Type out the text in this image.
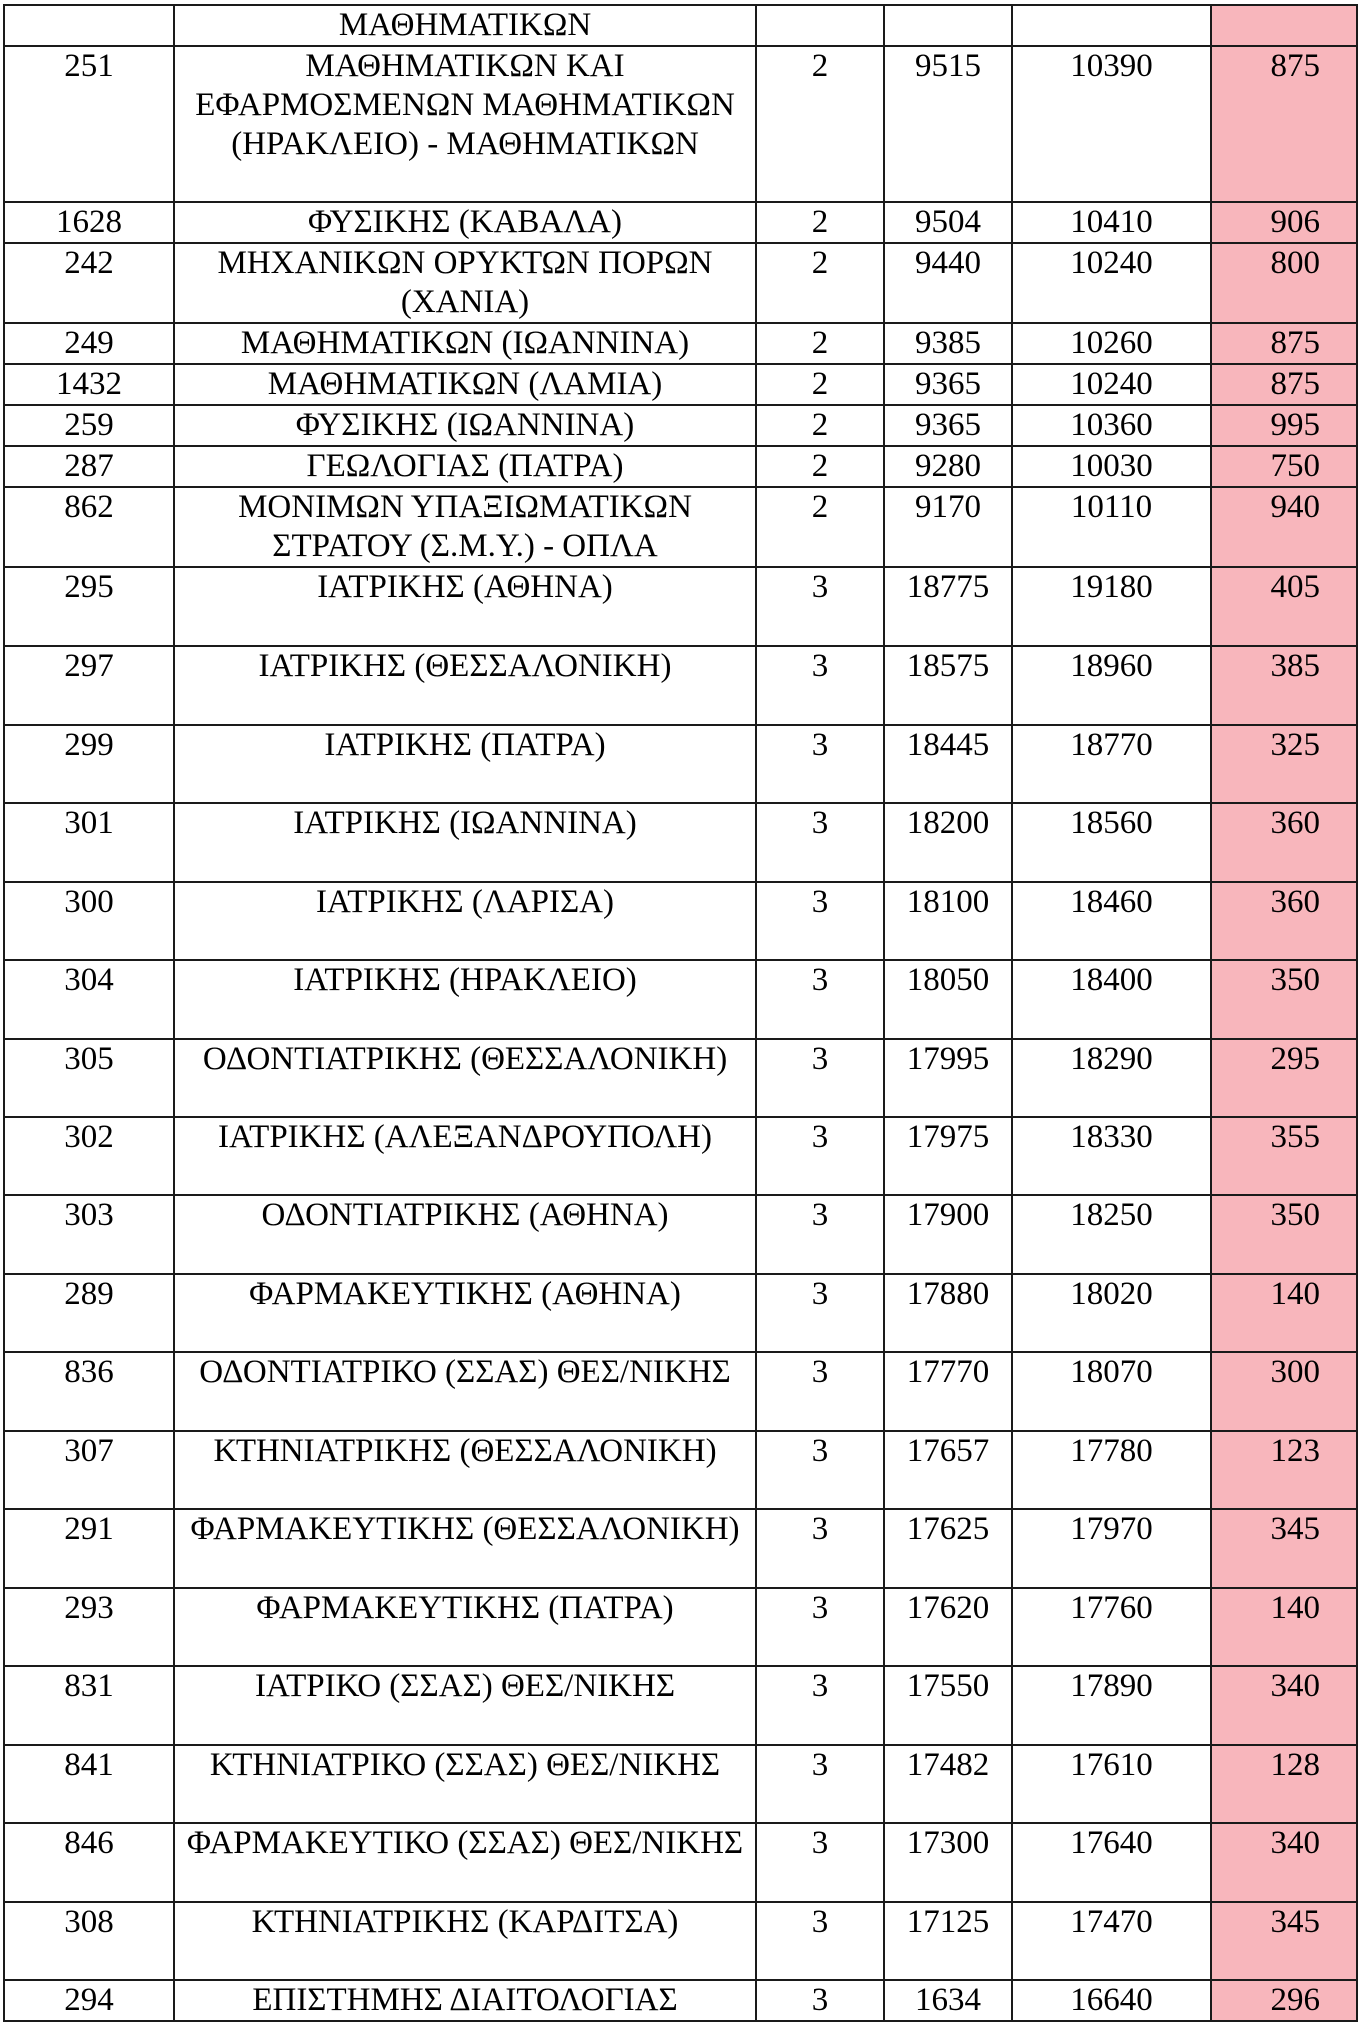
	ΜΑΘΗΜΑΤΙΚΩΝ				
251	ΜΑΘΗΜΑΤΙΚΩΝ ΚΑΙ ΕΦΑΡΜΟΣΜΕΝΩΝ ΜΑΘΗΜΑΤΙΚΩΝ (ΗΡΑΚΛΕΙΟ) - ΜΑΘΗΜΑΤΙΚΩΝ	2	9515	10390	875
1628	ΦΥΣΙΚΗΣ (ΚΑΒΑΛΑ)	2	9504	10410	906
242	ΜΗΧΑΝΙΚΩΝ ΟΡΥΚΤΩΝ ΠΟΡΩΝ (ΧΑΝΙΑ)	2	9440	10240	800
249	ΜΑΘΗΜΑΤΙΚΩΝ (ΙΩΑΝΝΙΝΑ)	2	9385	10260	875
1432	ΜΑΘΗΜΑΤΙΚΩΝ (ΛΑΜΙΑ)	2	9365	10240	875
259	ΦΥΣΙΚΗΣ (ΙΩΑΝΝΙΝΑ)	2	9365	10360	995
287	ΓΕΩΛΟΓΙΑΣ (ΠΑΤΡΑ)	2	9280	10030	750
862	ΜΟΝΙΜΩΝ ΥΠΑΞΙΩΜΑΤΙΚΩΝ ΣΤΡΑΤΟΥ (Σ.Μ.Υ.) - ΟΠΛΑ	2	9170	10110	940
295	ΙΑΤΡΙΚΗΣ (ΑΘΗΝΑ)	3	18775	19180	405
297	ΙΑΤΡΙΚΗΣ (ΘΕΣΣΑΛΟΝΙΚΗ)	3	18575	18960	385
299	ΙΑΤΡΙΚΗΣ (ΠΑΤΡΑ)	3	18445	18770	325
301	ΙΑΤΡΙΚΗΣ (ΙΩΑΝΝΙΝΑ)	3	18200	18560	360
300	ΙΑΤΡΙΚΗΣ (ΛΑΡΙΣΑ)	3	18100	18460	360
304	ΙΑΤΡΙΚΗΣ (ΗΡΑΚΛΕΙΟ)	3	18050	18400	350
305	ΟΔΟΝΤΙΑΤΡΙΚΗΣ (ΘΕΣΣΑΛΟΝΙΚΗ)	3	17995	18290	295
302	ΙΑΤΡΙΚΗΣ (ΑΛΕΞΑΝΔΡΟΥΠΟΛΗ)	3	17975	18330	355
303	ΟΔΟΝΤΙΑΤΡΙΚΗΣ (ΑΘΗΝΑ)	3	17900	18250	350
289	ΦΑΡΜΑΚΕΥΤΙΚΗΣ (ΑΘΗΝΑ)	3	17880	18020	140
836	ΟΔΟΝΤΙΑΤΡΙΚΟ (ΣΣΑΣ) ΘΕΣ/ΝΙΚΗΣ	3	17770	18070	300
307	ΚΤΗΝΙΑΤΡΙΚΗΣ (ΘΕΣΣΑΛΟΝΙΚΗ)	3	17657	17780	123
291	ΦΑΡΜΑΚΕΥΤΙΚΗΣ (ΘΕΣΣΑΛΟΝΙΚΗ)	3	17625	17970	345
293	ΦΑΡΜΑΚΕΥΤΙΚΗΣ (ΠΑΤΡΑ)	3	17620	17760	140
831	ΙΑΤΡΙΚΟ (ΣΣΑΣ) ΘΕΣ/ΝΙΚΗΣ	3	17550	17890	340
841	ΚΤΗΝΙΑΤΡΙΚΟ (ΣΣΑΣ) ΘΕΣ/ΝΙΚΗΣ	3	17482	17610	128
846	ΦΑΡΜΑΚΕΥΤΙΚΟ (ΣΣΑΣ) ΘΕΣ/ΝΙΚΗΣ	3	17300	17640	340
308	ΚΤΗΝΙΑΤΡΙΚΗΣ (ΚΑΡΔΙΤΣΑ)	3	17125	17470	345
294	ΕΠΙΣΤΗΜΗΣ ΔΙΑΙΤΟΛΟΓΙΑΣ	3	1634	16640	296
